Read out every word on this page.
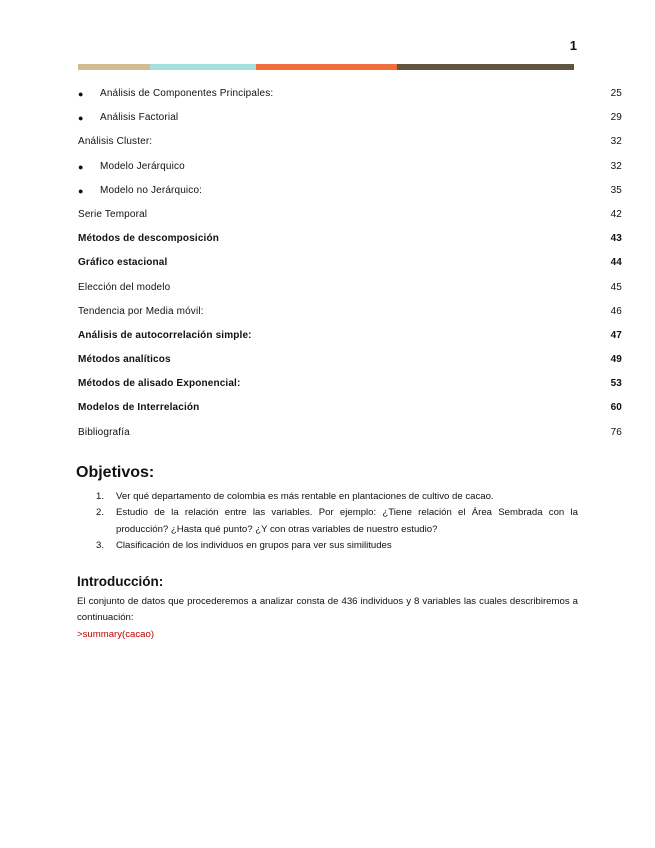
1
● Análisis de Componentes Principales:	25
● Análisis Factorial	29
Análisis Cluster:	32
● Modelo Jerárquico	32
● Modelo no Jerárquico:	35
Serie Temporal	42
Métodos de descomposición	43
Gráfico estacional	44
Elección del modelo	45
Tendencia por Media móvil:	46
Análisis de autocorrelación simple:	47
Métodos analíticos	49
Métodos de alisado Exponencial:	53
Modelos de Interrelación	60
Bibliografía	76
Objetivos:
1. Ver qué departamento de colombia es más rentable en plantaciones de cultivo de cacao.
2. Estudio de la relación entre las variables. Por ejemplo: ¿Tiene relación el Área Sembrada con la producción? ¿Hasta qué punto? ¿Y con otras variables de nuestro estudio?
3. Clasificación de los individuos en grupos para ver sus similitudes
Introducción:
El conjunto de datos que procederemos a analizar consta de 436 individuos y 8 variables las cuales describiremos a continuación:
>summary(cacao)
